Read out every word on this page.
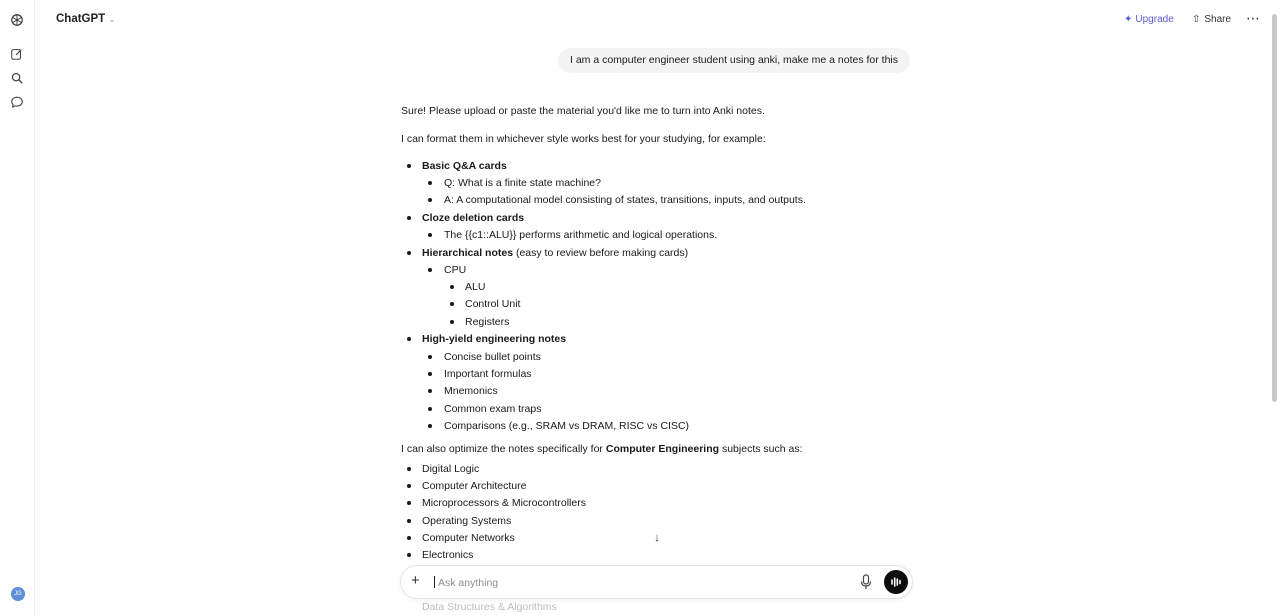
JG
ChatGPT ⌄	✦ Upgrade ⇧ Share ⋯
I am a computer engineer student using anki, make me a notes for this
Sure! Please upload or paste the material you'd like me to turn into Anki notes.
I can format them in whichever style works best for your studying, for example:
Basic Q&A cards
Q: What is a finite state machine?
A: A computational model consisting of states, transitions, inputs, and outputs.
Cloze deletion cards
The {{c1::ALU}} performs arithmetic and logical operations.
Hierarchical notes (easy to review before making cards)
CPU
ALU
Control Unit
Registers
High-yield engineering notes
Concise bullet points
Important formulas
Mnemonics
Common exam traps
Comparisons (e.g., SRAM vs DRAM, RISC vs CISC)
I can also optimize the notes specifically for Computer Engineering subjects such as:
Digital Logic
Computer Architecture
Microprocessors & Microcontrollers
Operating Systems
Computer Networks
Electronics
Data Structures & Algorithms
↓
+
Ask anything
